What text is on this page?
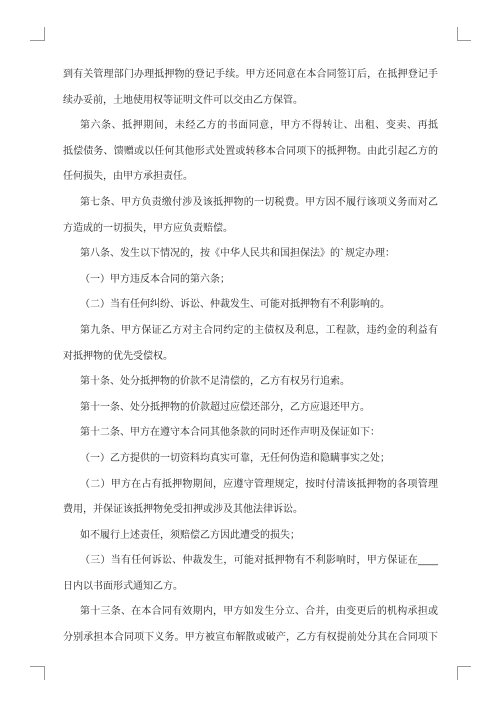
到有关管理部门办理抵押物的登记手续。甲方还同意在本合同签订后，在抵押登记手
续办妥前，土地使用权等证明文件可以交由乙方保管。
第六条、抵押期间，未经乙方的书面同意，甲方不得转让、出租、变卖、再抵
抵偿债务、馈赠或以任何其他形式处置或转移本合同项下的抵押物。由此引起乙方的
任何损失，由甲方承担责任。
第七条、甲方负责缴付涉及该抵押物的一切税费。甲方因不履行该项义务而对乙
方造成的一切损失，甲方应负责赔偿。
第八条、发生以下情况的，按《中华人民共和国担保法》的`规定办理：
（一）甲方违反本合同的第六条；
（二）当有任何纠纷、诉讼、仲裁发生、可能对抵押物有不利影响的。
第九条、甲方保证乙方对主合同约定的主债权及利息，工程款，违约金的利益有
对抵押物的优先受偿权。
第十条、处分抵押物的价款不足清偿的，乙方有权另行追索。
第十一条、处分抵押物的价款超过应偿还部分，乙方应退还甲方。
第十二条、甲方在遵守本合同其他条款的同时还作声明及保证如下：
（一）乙方提供的一切资料均真实可靠，无任何伪造和隐瞒事实之处；
（二）甲方在占有抵押物期间，应遵守管理规定，按时付清该抵押物的各项管理
费用，并保证该抵押物免受扣押或涉及其他法律诉讼。
如不履行上述责任，须赔偿乙方因此遭受的损失；
（三）当有任何诉讼、仲裁发生，可能对抵押物有不利影响时，甲方保证在____
日内以书面形式通知乙方。
第十三条、在本合同有效期内，甲方如发生分立、合并，由变更后的机构承担或
分别承担本合同项下义务。甲方被宣布解散或破产，乙方有权提前处分其在合同项下
